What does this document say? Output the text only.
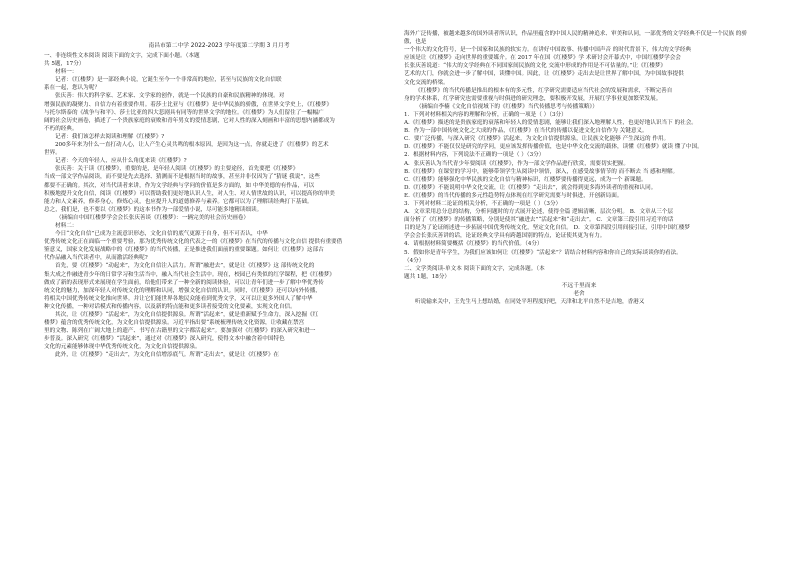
南昌市第二中学 2022-2023 学年度第二学期 3 月月考

一、非连续性文本阅读 阅读下面的文字，完成下面小题。（本题

共 5题，17分）

材料一：

记者：《红楼梦》是一部经典小说，它诞生至今一个非常高的地位，甚至与民族的文化自信联

系在一起，您认为呢？

张庆善：伟大的科学家、艺术家、文学家的创作，就是一个民族的自豪和民族精神的体现。对

增强民族的凝聚力、自信力有着重要作用。着莎士比亚与《红楼梦》是中华民族的骄傲，在世界文学史上，《红楼梦》

与托尔斯泰的《战争与和平》、莎士比亚的四大悲剧具有同等的世界文学的地位。《红楼梦》为人们留住了一幅幅广

阔的社会历史画卷，描述了一个贵族家庭的衰败和青年男女的爱情悲剧，它对人性的深入刻画和丰富的思想内涵都成为

不朽的经典。

记者：我们该怎样去阅读和理解《红楼梦》?

200多年来为什么一直打动人心，让人产生心灵共鸣的根本原因，是因为这一点，你就走进了《红楼梦》的艺术

世界。

记者：今天的年轻人，应从什么角度来读《红楼梦》?

张庆善：关于读《红楼梦》，重要的是，是年轻人阅读《红楼梦》的主要途径，首先要把《红楼梦》

当成一部文学作品阅读，而不要是先去选择、猜测而不是根据当时的故事，甚至并非仅因为了“猜谜 我说”，这些

都要不正确的。其次，对当代读者来讲，作为文学经典与学问的价值是多方面的，如 中华美德的有作品，可以

积极地提升文化自信，阅读《红楼梦》可以帮助我们更好地认识人生，对人生、对人情世故的认识，可以提高你的审美

能力和人文素养，修养身心，修炼心灵，也应提升人的道德修养与素养。它都可以为了理解读经典打下基础。

总之，我们是，也不要以《红楼梦》的这本书作为一部爱情小说，尽可能多地精读细读。

（摘编自中国红楼梦学会会长张庆善谈《红楼梦》：一辆完美的社会历史画卷）

材料二：

今日“文化自信”已成为主流意识形态，文化自信的底气更源于自身，但不可否认，中华

优秀传统文化正在面临一个重要考验，那为优秀传统文化的代表之一的《红楼梦》在当代的传播与文化自信 提供有重要借

鉴意义，国家文化发展战略中的《红楼梦》的当代传播，正是推进我们面前的重要课题。如何让《红楼梦》这部古

代作品融入当代读者中，从而激活经典呢?

首先，要《红楼梦》“动起来”，为文化自信注入活力。所谓“融进去”，就是让《红楼梦》这 部传统文化的

集大成之作融进青少年的日常学习和生活当中，融入当代社会生活中。现在，校园已有类似的红学课程，把《红楼梦》

做成了新的表现形式来展现在学生面前，给他们带来了一种全新的阅读体验，可以让青年们进一步了解中华优秀传

统文化的魅力，加深年轻人对传统文化的理解和认同，增强文化自信的认识。同时，《红楼梦》还可以向外传播，

将相关中国优秀传统文化推向世界。并让它们能世界各地民众能看到优秀文学，又可以让更多外国人了解中华

种文化传播，一种对话模式和传播内容，以及新的特点能和更多读者接受的文化要素，实现文化自信。

其次，让《红楼梦》“活起来”，为文化自信提供源泉。所谓“活起来”，就是重新赋予生命力，深入挖掘《红

楼梦》蕴含的优秀传统文化，为文化自信提供源泉。习近平指出要“系统梳理传统文化资源，让收藏在禁宫

里的文物、陈列在广阔大地上的遗产、书写在古籍里的文字都活起来”。要加强对《红楼梦》的深入研究和进一

步普及。深入研究《红楼梦》“活起来”，通过对《红楼梦》深入研究，使得文本中融含着中国特色

文化的元素能够体现中华优秀传统文化，为文化自信提供源泉。

此外，让《红楼梦》“走出去”，为文化自信增添底气。所谓“走出去”，就是让《红楼梦》在

海外广泛传播，被越来越多的国外读者所认识，作品里蕴含的中国人民的精神追求、审美和认同，一部优秀的文学经典不仅是一个民族 的骄傲，也是

一个伟大的文化符号，是一个国家和民族的软实力。在讲好中国故事、传播中国声音 的时代背景下，伟大的文学经典

应该是让《红楼梦》走向世界的重要媒介。在 2017 年在国《红楼梦》学 术研讨会开幕式中，中国红楼梦学会会

长张庆善说道：“伟大的文学经典在不同国家间民族的文化 交流中形成的作用是不可估量的。”让《红楼梦》

艺术的大门，你就会进一步了解中国，读懂中国。因此，让《红楼梦》走出去是让世界了解中国，为中国故事提供

文化交流的桥梁。

《红楼梦》的当代传播是推出的根本有的多元性，红学研究需要适应当代社会的发展和需求，不断完善自

身的学术体系，红学研究也需要重视与时俱进的研究理念，要积极开发展，开展红学事业更加繁荣发展。

（摘编自李楠《文化自信视域下的《红楼梦》当代传播思考与传播策略》）

1．下列对材料相关内容的理解和分析，正确的一项是（ ）（3分）

A.《红楼梦》描述的是贵族家庭的衰落和年轻人的爱情悲剧，能够让我们深入地理解人性，也更好地认识当下 的社会。

B．作为一部中国传统文化之大成的作品，《红楼梦》在当代的传播以促进文化自信作为 关键意义。

C．要广泛传播，与深入研究《红楼梦》活起来，为文化自信提供源泉，让民族文化能够 产生深远的 作用。

D.《红楼梦》不能仅仅是研究的学问，更应该发挥传播价值，也是中华文化交流的载体，读懂《红楼梦》就读 懂了中国。

2．根据材料内容，下列说法不正确的一项是（ ）（3分）

A．张庆善认为当代青少年要阅读《红楼梦》，作为一部文学作品进行欣赏，需要切实把握。

B.《红楼梦》在课堂的学习中，能够带领学生从阅读中领悟，深入，在感受故事情节的 而不断去 当 感和理解。

C.《红楼梦》能够强化中华民族的文化自信与精神标识，红楼梦要传播得更远，成为一个 新课题。

D.《红楼梦》不能说明中华文化交流，让《红楼梦》“走出去”，就会得到更多海外读者的重视和认同。

E.《红楼梦》的当代传播的多元性趋势特点体现在红学研究需要与时俱进，开创新局面。

3．下列对材料二论证的相关分析，不正确的一项是（ ）（3分）

A．文章采用总分总的结构，分析问题时的方式展开论述，使得全篇 逻辑清晰，层次分明。 B．文章从三个层

面分析了《红楼梦》的传播策略，分别是使其“融进去”“活起来”和“走出去”。 C．文章第三段引用习近平的话

目的是为了论证阐述进一步拓展中国优秀传统文化，坚定文化自信。 D．文章第四段引用间接引证，引用中国红楼梦

学会会长张庆善讲的话，论证经典文学具有跨越国别的特点，论证使其更为有力。

4．请根据材料简要概括《红楼梦》的当代价值。（4分）

5．假如你是青年学生，为我们应该如何让《红楼梦》“活起来”？请结合材料内容和你自己的实际谈谈你的看法。

（4分）

二、文学类阅读-单文本 阅读下面的文字，完成各题。（本

题共 1题，18分）

不远千里而来

老舍

听说输来关中，王先生马上想结婚，在同处平坦程度好吧，天津和北平自然不是吉地，香港又
